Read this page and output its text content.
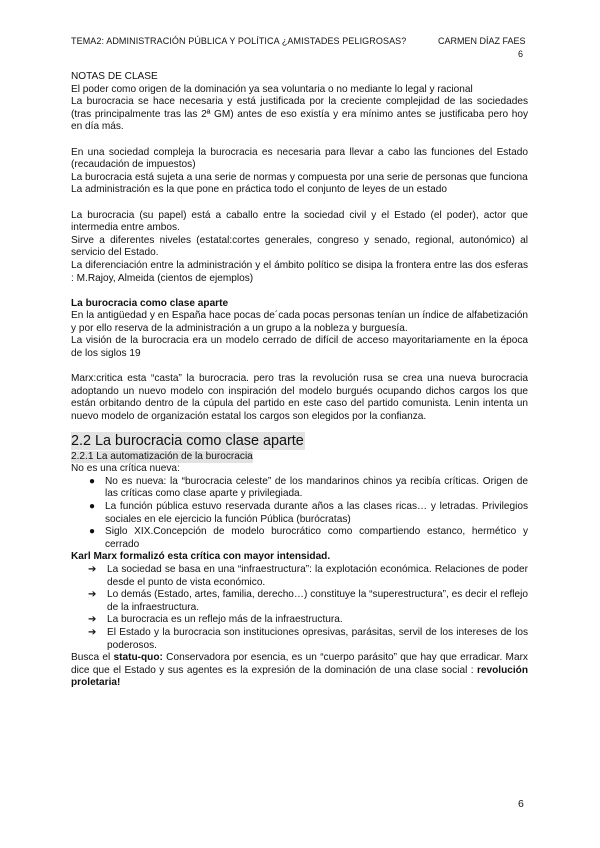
TEMA2: ADMINISTRACIÓN PÚBLICA Y POLÍTICA ¿AMISTADES PELIGROSAS?	CARMEN DÍAZ FAES
6

NOTAS DE CLASE

El poder como origen de la dominación ya sea voluntaria o no mediante lo legal y racional

La burocracia se hace necesaria y está justificada por la creciente complejidad de las sociedades (tras principalmente tras las 2ª GM) antes de eso existía y era mínimo antes se justificaba pero hoy en día más.

En una sociedad compleja la burocracia es necesaria para llevar a cabo las funciones del Estado (recaudación de impuestos)

La burocracia está sujeta a una serie de normas y compuesta por una serie de personas que funciona

La administración es la que pone en práctica todo el conjunto de leyes de un estado

La burocracia (su papel) está a caballo entre la sociedad civil y el Estado (el poder), actor que intermedia entre ambos.

Sirve a diferentes niveles (estatal:cortes generales, congreso y senado, regional, autonómico) al servicio del Estado.

La diferenciación entre la administración y el ámbito político se disipa la frontera entre las dos esferas : M.Rajoy, Almeida (cientos de ejemplos)

La burocracia como clase aparte

En la antigüedad y en España hace pocas de´cada pocas personas tenían un índice de alfabetización y por ello reserva de la administración a un grupo a la nobleza y burguesía.

La visión de la burocracia era un modelo cerrado de difícil de acceso mayoritariamente en la época de los siglos 19

Marx:critica esta “casta” la burocracia. pero tras la revolución rusa se crea una nueva burocracia adoptando un nuevo modelo con inspiración del modelo burgués ocupando dichos cargos los que están orbitando dentro de la cúpula del partido en este caso del partido comunista. Lenin intenta un nuevo modelo de organización estatal los cargos son elegidos por la confianza.

2.2 La burocracia como clase aparte
2.2.1 La automatización de la burocracia

No es una crítica nueva:

● No es nueva: la “burocracia celeste” de los mandarinos chinos ya recibía críticas. Origen de las críticas como clase aparte y privilegiada.
● La función pública estuvo reservada durante años a las clases ricas… y letradas. Privilegios sociales en ele ejercicio la función Pública (burócratas)
● Siglo XIX.Concepción de modelo burocrático como compartiendo estanco, hermético y cerrado

Karl Marx formalizó esta crítica con mayor intensidad.

➔ La sociedad se basa en una “infraestructura”: la explotación económica. Relaciones de poder desde el punto de vista económico.
➔ Lo demás (Estado, artes, familia, derecho…) constituye la “superestructura”, es decir el reflejo de la infraestructura.
➔ La burocracia es un reflejo más de la infraestructura.
➔ El Estado y la burocracia son instituciones opresivas, parásitas, servil de los intereses de los poderosos.

Busca el statu-quo: Conservadora por esencia, es un “cuerpo parásito” que hay que erradicar. Marx dice que el Estado y sus agentes es la expresión de la dominación de una clase social : revolución proletaria!

6
